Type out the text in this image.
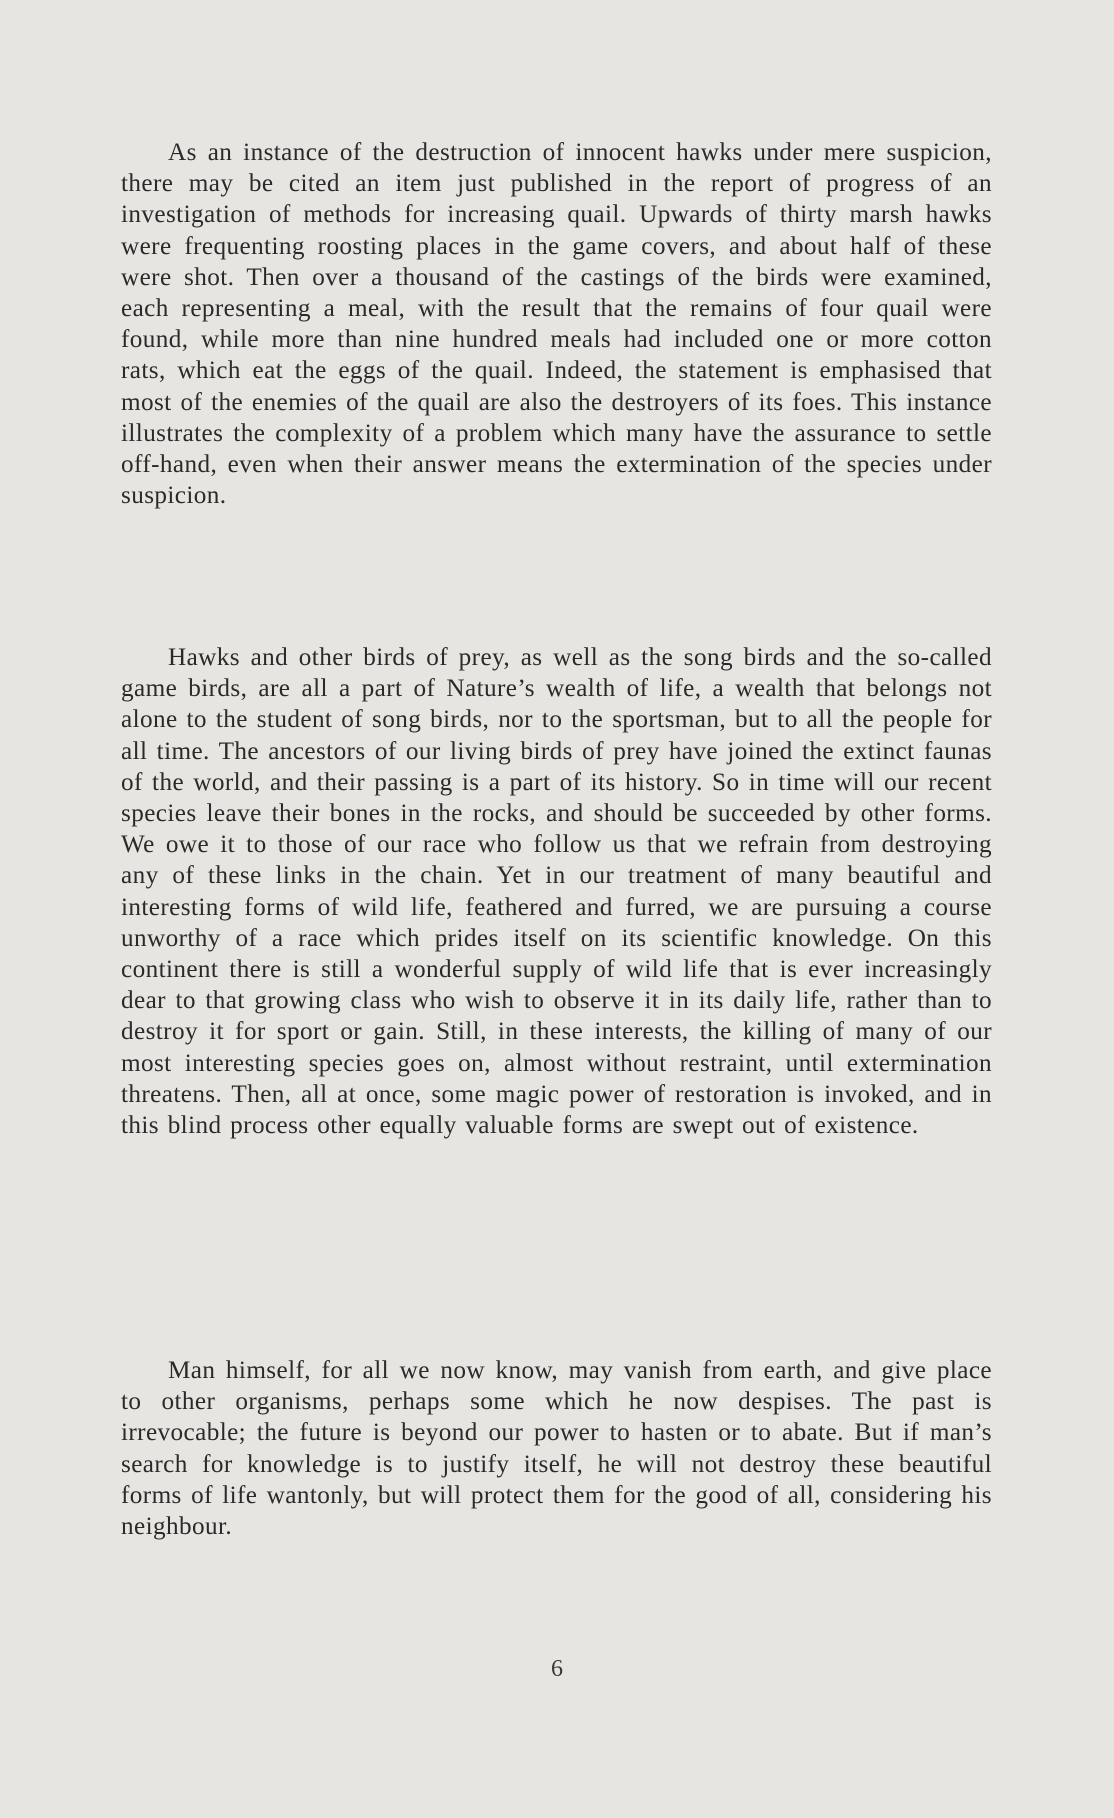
As an instance of the destruction of innocent hawks under mere suspicion, there may be cited an item just published in the report of progress of an investigation of methods for increasing quail. Upwards of thirty marsh hawks were frequenting roosting places in the game covers, and about half of these were shot. Then over a thousand of the castings of the birds were examined, each representing a meal, with the result that the remains of four quail were found, while more than nine hundred meals had included one or more cotton rats, which eat the eggs of the quail. Indeed, the statement is emphasised that most of the enemies of the quail are also the destroyers of its foes. This instance illustrates the complexity of a problem which many have the assurance to settle off-hand, even when their answer means the extermination of the species under suspicion.

Hawks and other birds of prey, as well as the song birds and the so-called game birds, are all a part of Nature’s wealth of life, a wealth that belongs not alone to the student of song birds, nor to the sportsman, but to all the people for all time. The ancestors of our living birds of prey have joined the extinct faunas of the world, and their passing is a part of its history. So in time will our recent species leave their bones in the rocks, and should be succeeded by other forms. We owe it to those of our race who follow us that we refrain from destroying any of these links in the chain. Yet in our treatment of many beautiful and interesting forms of wild life, feathered and furred, we are pursuing a course unworthy of a race which prides itself on its scientific knowledge. On this continent there is still a wonderful supply of wild life that is ever increasingly dear to that growing class who wish to observe it in its daily life, rather than to destroy it for sport or gain. Still, in these interests, the killing of many of our most interesting species goes on, almost without restraint, until extermination threatens. Then, all at once, some magic power of restoration is invoked, and in this blind process other equally valuable forms are swept out of existence.

Man himself, for all we now know, may vanish from earth, and give place to other organisms, perhaps some which he now despises. The past is irrevocable; the future is beyond our power to hasten or to abate. But if man’s search for knowledge is to justify itself, he will not destroy these beautiful forms of life wantonly, but will protect them for the good of all, considering his neighbour.

6
